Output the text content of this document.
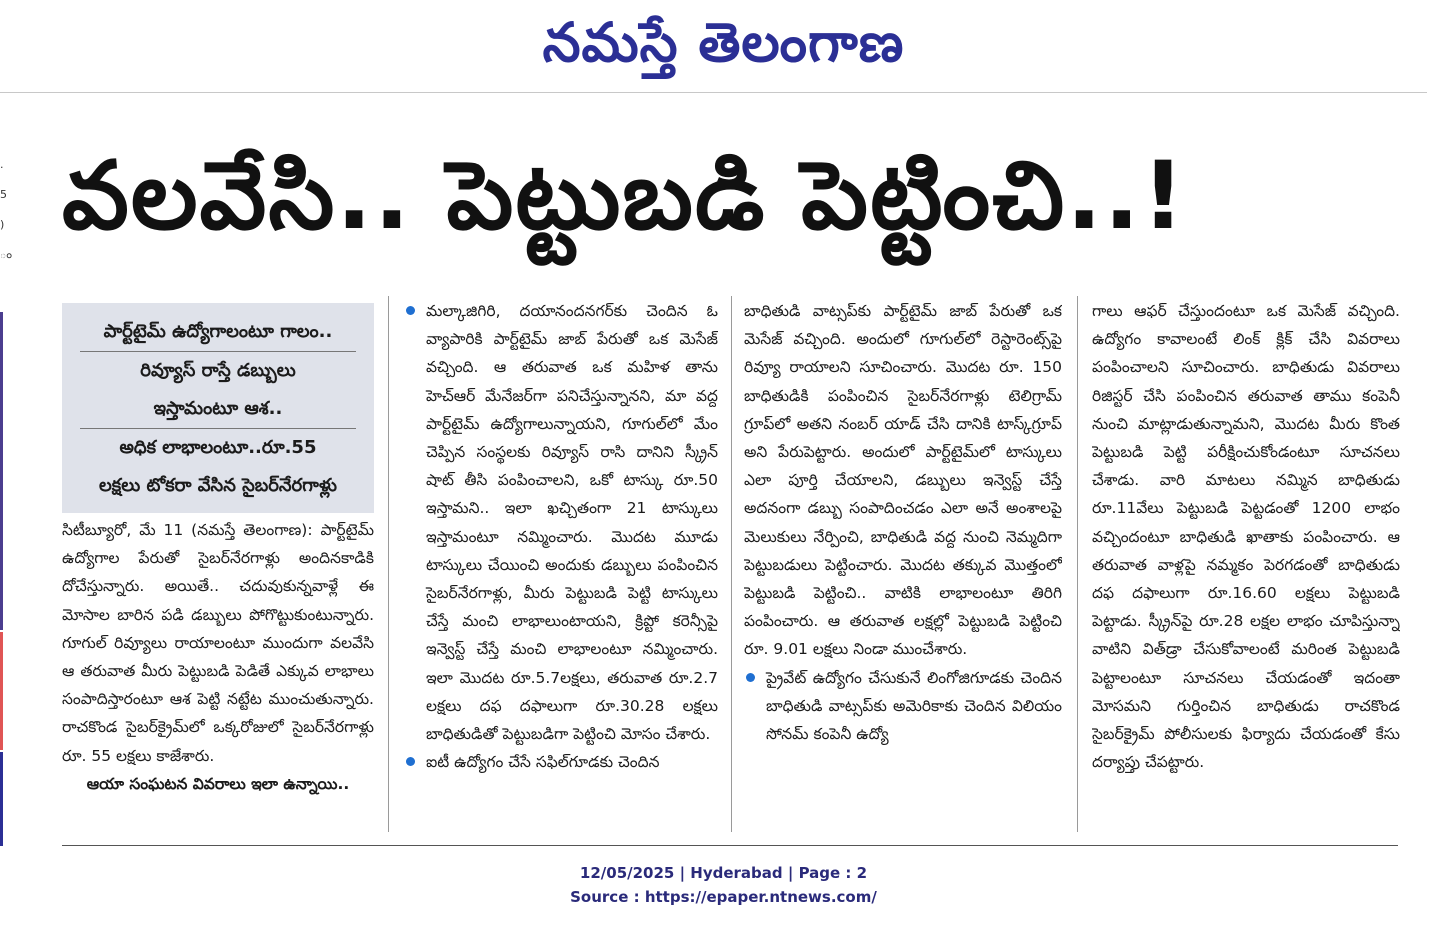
నమస్తే తెలంగాణ
.
5
)
ం
వలవేసి.. పెట్టుబడి పెట్టించి..!
పార్ట్‌టైమ్ ఉద్యోగాలంటూ గాలం..
రివ్యూస్ రాస్తే డబ్బులు
ఇస్తామంటూ ఆశ..
అధిక లాభాలంటూ..రూ.55
లక్షలు టోకరా వేసిన సైబర్‌నేరగాళ్లు

సిటీబ్యూరో, మే 11 (నమస్తే తెలంగాణ): పార్ట్‌టైమ్ ఉద్యోగాల పేరుతో సైబర్‌నేరగాళ్లు అందినకాడికి దోచేస్తున్నారు. అయితే.. చదువుకున్నవాళ్లే ఈ మోసాల బారిన పడి డబ్బులు పోగొట్టుకుంటున్నారు. గూగుల్ రివ్యూలు రాయాలంటూ ముందుగా వలవేసి ఆ తరువాత మీరు పెట్టుబడి పెడితే ఎక్కువ లాభాలు సంపాదిస్తారంటూ ఆశ పెట్టి నట్టేట ముంచుతున్నారు. రాచకొండ సైబర్‌క్రైమ్‌లో ఒక్కరోజులో సైబర్‌నేరగాళ్లు రూ. 55 లక్షలు కాజేశారు.

ఆయా సంఘటన వివరాలు ఇలా ఉన్నాయి..

మల్కాజిగిరి, దయానందనగర్‌కు చెందిన ఓ వ్యాపారికి పార్ట్‌టైమ్ జాబ్ పేరుతో ఒక మెసేజ్ వచ్చింది. ఆ తరువాత ఒక మహిళ తాను హెచ్‌ఆర్ మేనేజర్‌గా పనిచేస్తున్నానని, మా వద్ద పార్ట్‌టైమ్ ఉద్యోగాలున్నాయని, గూగుల్‌లో మేం చెప్పిన సంస్థలకు రివ్యూస్ రాసి దానిని స్క్రీన్ షాట్ తీసి పంపించాలని, ఒకో టాస్కు రూ.50 ఇస్తామని.. ఇలా ఖచ్చితంగా 21 టాస్కులు ఇస్తామంటూ నమ్మించారు. మొదట మూడు టాస్కులు చేయించి అందుకు డబ్బులు పంపించిన సైబర్‌నేరగాళ్లు, మీరు పెట్టుబడి పెట్టి టాస్కులు చేస్తే మంచి లాభాలుంటాయని, క్రిప్టో కరెన్సీపై ఇన్వెస్ట్ చేస్తే మంచి లాభాలంటూ నమ్మించారు. ఇలా మొదట రూ.5.7లక్షలు, తరువాత రూ.2.7 లక్షలు దఫ దఫాలుగా రూ.30.28 లక్షలు బాధితుడితో పెట్టుబడిగా పెట్టించి మోసం చేశారు.

ఐటీ ఉద్యోగం చేసే సఫిల్‌గూడకు చెందిన

బాధితుడి వాట్సప్‌కు పార్ట్‌టైమ్ జాబ్ పేరుతో ఒక మెసేజ్ వచ్చింది. అందులో గూగుల్‌లో రెస్టారెంట్స్‌పై రివ్యూ రాయాలని సూచించారు. మొదట రూ. 150 బాధితుడికి పంపించిన సైబర్‌నేరగాళ్లు టెలిగ్రామ్ గ్రూప్‌లో అతని నంబర్ యాడ్ చేసి దానికి టాస్క్‌గ్రూప్ అని పేరుపెట్టారు. అందులో పార్ట్‌టైమ్‌లో టాస్కులు ఎలా పూర్తి చేయాలని, డబ్బులు ఇన్వెస్ట్ చేస్తే అదనంగా డబ్బు సంపాదించడం ఎలా అనే అంశాలపై మెలుకులు నేర్పించి, బాధితుడి వద్ద నుంచి నెమ్మదిగా పెట్టుబడులు పెట్టించారు. మొదట తక్కువ మొత్తంలో పెట్టుబడి పెట్టించి.. వాటికి లాభాలంటూ తిరిగి పంపించారు. ఆ తరువాత లక్షల్లో పెట్టుబడి పెట్టించి రూ. 9.01 లక్షలు నిండా ముంచేశారు.

ప్రైవేట్ ఉద్యోగం చేసుకునే లింగోజిగూడకు చెందిన బాధితుడి వాట్సప్‌కు అమెరికాకు చెందిన విలియం సోనమ్ కంపెనీ ఉద్యో

గాలు ఆఫర్ చేస్తుందంటూ ఒక మెసేజ్ వచ్చింది. ఉద్యోగం కావాలంటే లింక్ క్లిక్ చేసి వివరాలు పంపించాలని సూచించారు. బాధితుడు వివరాలు రిజిస్టర్ చేసి పంపించిన తరువాత తాము కంపెనీ నుంచి మాట్లాడుతున్నామని, మొదట మీరు కొంత పెట్టుబడి పెట్టి పరీక్షించుకోండంటూ సూచనలు చేశాడు. వారి మాటలు నమ్మిన బాధితుడు రూ.11వేలు పెట్టుబడి పెట్టడంతో 1200 లాభం వచ్చిందంటూ బాధితుడి ఖాతాకు పంపించారు. ఆ తరువాత వాళ్లపై నమ్మకం పెరగడంతో బాధితుడు దఫ దఫాలుగా రూ.16.60 లక్షలు పెట్టుబడి పెట్టాడు. స్క్రీన్‌పై రూ.28 లక్షల లాభం చూపిస్తున్నా వాటిని విత్‌డ్రా చేసుకోవాలంటే మరింత పెట్టుబడి పెట్టాలంటూ సూచనలు చేయడంతో ఇదంతా మోసమని గుర్తించిన బాధితుడు రాచకొండ సైబర్‌క్రైమ్ పోలీసులకు ఫిర్యాదు చేయడంతో కేసు దర్యాప్తు చేపట్టారు.

12/05/2025 | Hyderabad | Page : 2
Source : https://epaper.ntnews.com/
